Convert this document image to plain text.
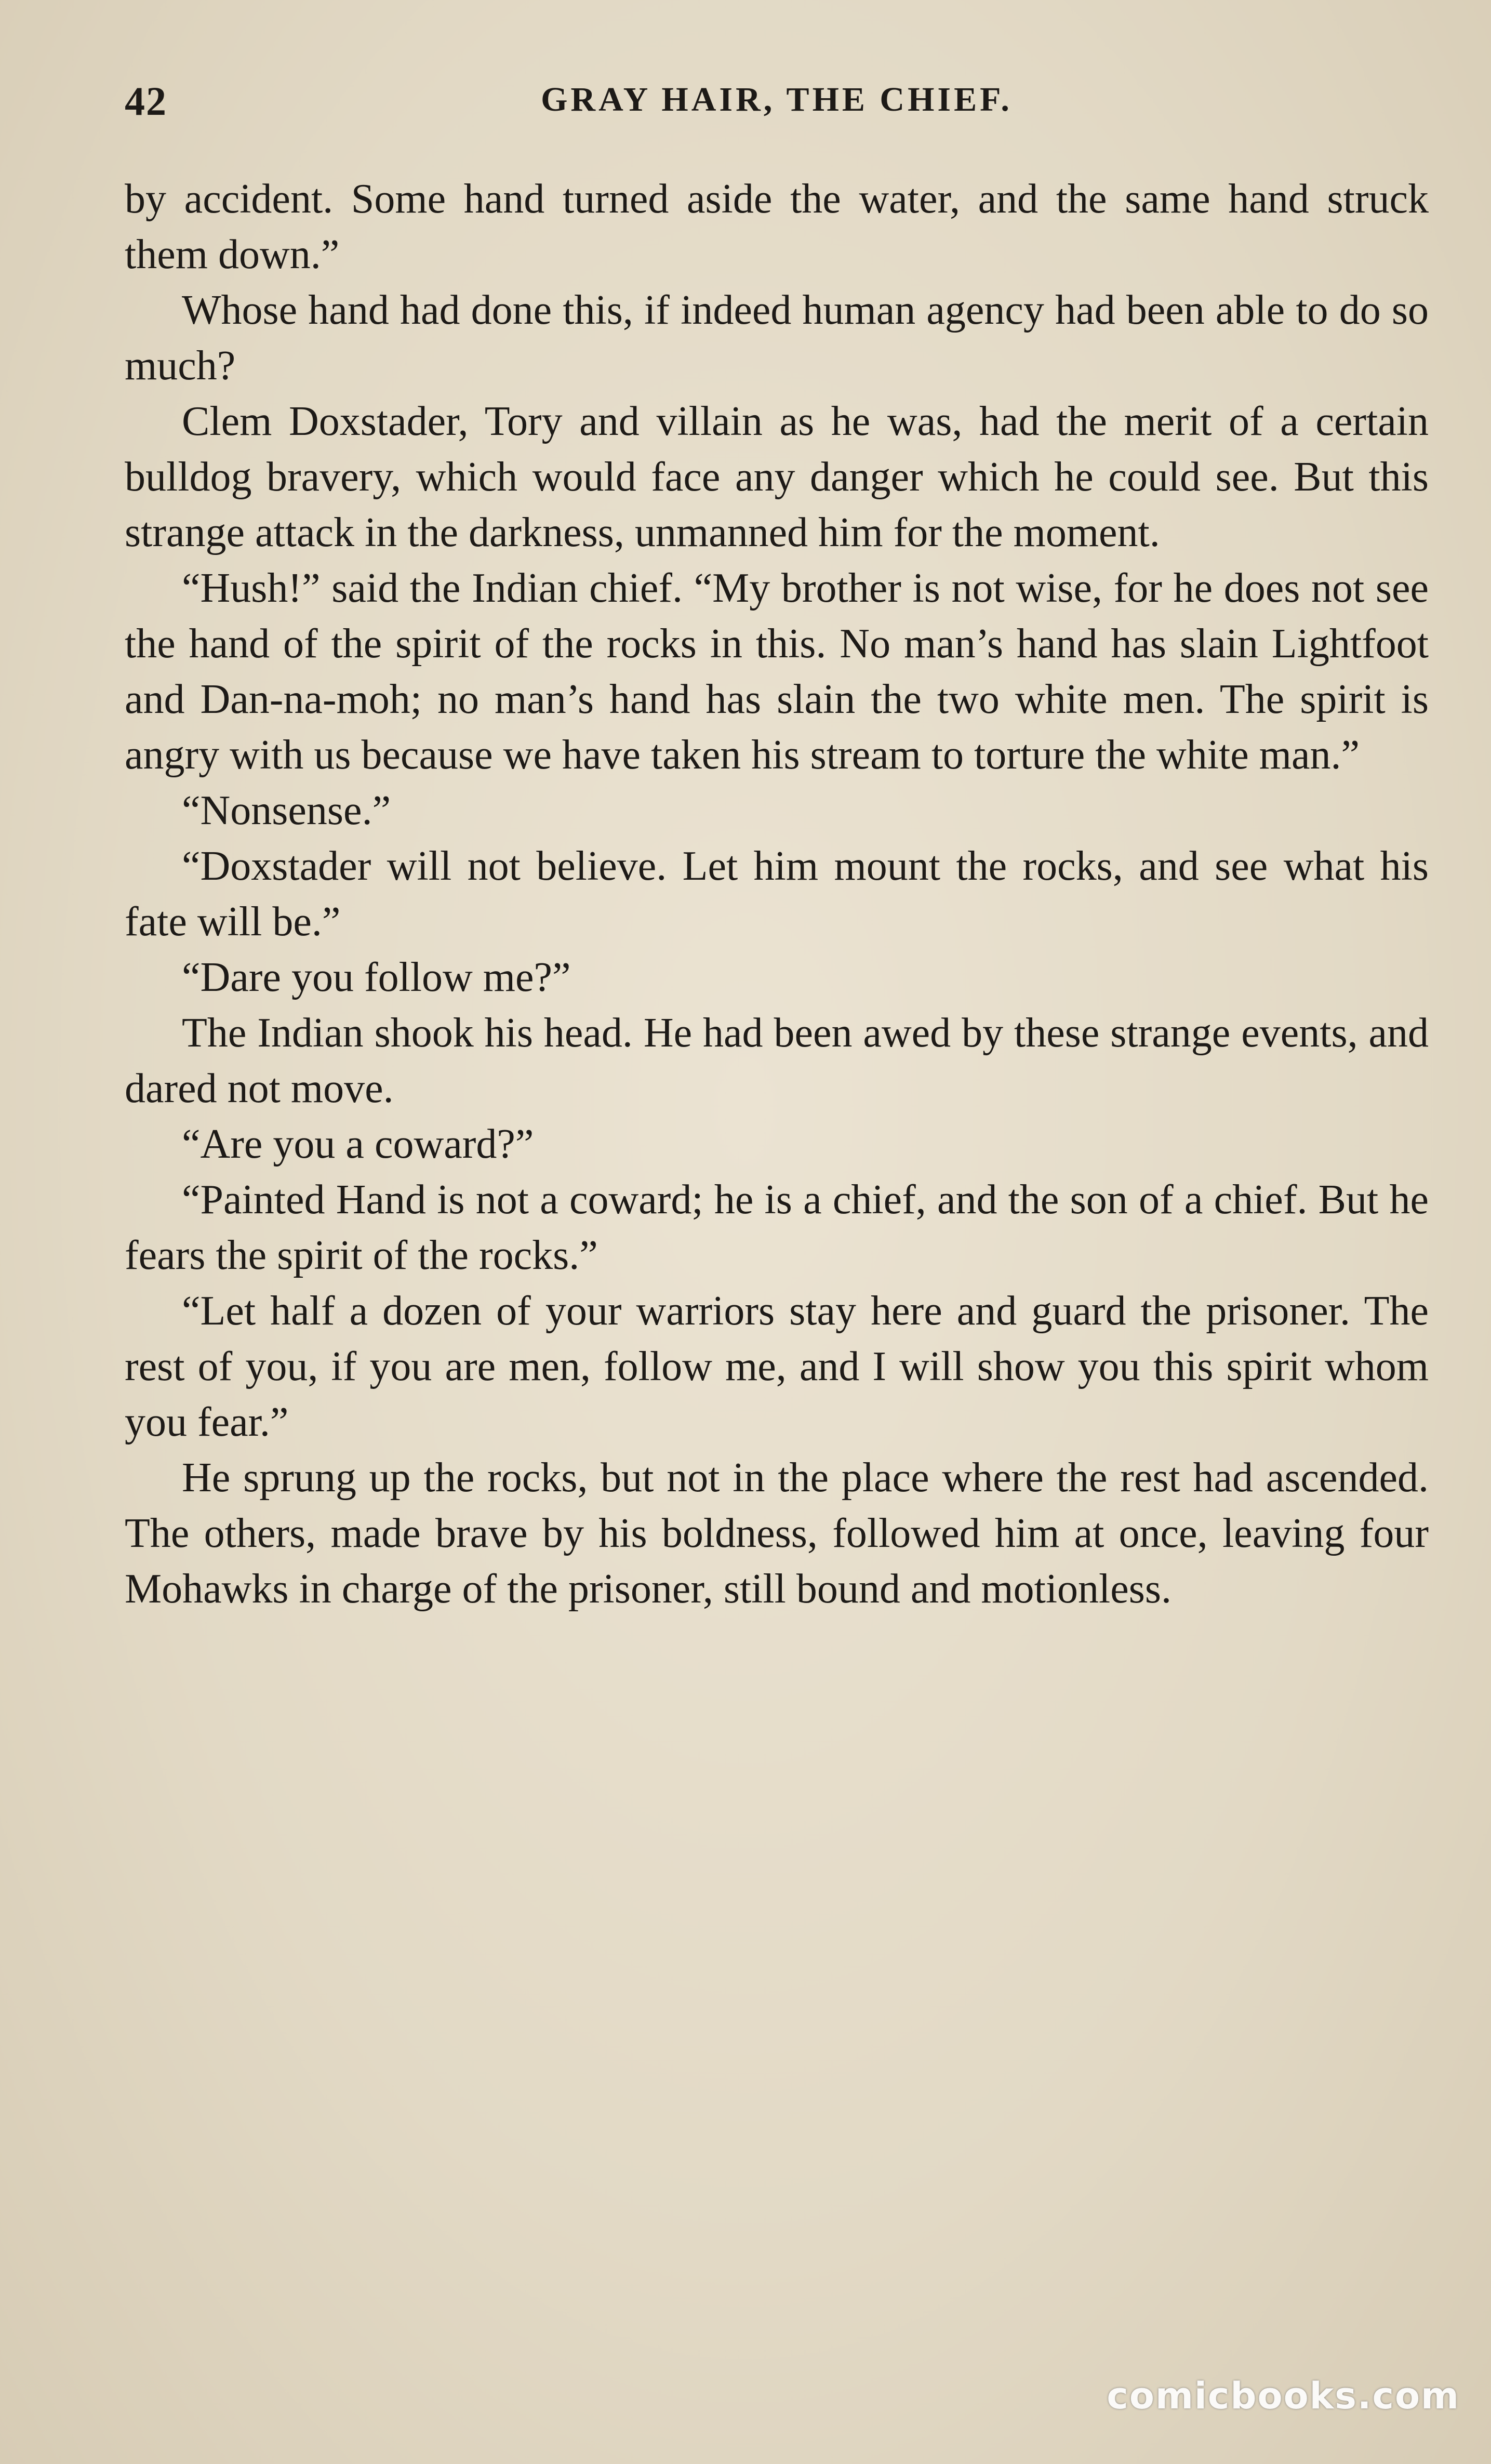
42	GRAY HAIR, THE CHIEF.

by accident. Some hand turned aside the water, and the same hand struck them down.”

Whose hand had done this, if indeed human agency had been able to do so much?

Clem Doxstader, Tory and villain as he was, had the merit of a certain bulldog bravery, which would face any danger which he could see. But this strange attack in the darkness, unmanned him for the moment.

“Hush!” said the Indian chief. “My brother is not wise, for he does not see the hand of the spirit of the rocks in this. No man’s hand has slain Lightfoot and Dan-na-moh; no man’s hand has slain the two white men. The spirit is angry with us because we have taken his stream to torture the white man.”

“Nonsense.”

“Doxstader will not believe. Let him mount the rocks, and see what his fate will be.”

“Dare you follow me?”

The Indian shook his head. He had been awed by these strange events, and dared not move.

“Are you a coward?”

“Painted Hand is not a coward; he is a chief, and the son of a chief. But he fears the spirit of the rocks.”

“Let half a dozen of your warriors stay here and guard the prisoner. The rest of you, if you are men, follow me, and I will show you this spirit whom you fear.”

He sprung up the rocks, but not in the place where the rest had ascended. The others, made brave by his boldness, followed him at once, leaving four Mohawks in charge of the prisoner, still bound and motionless.

comicbooks.com
